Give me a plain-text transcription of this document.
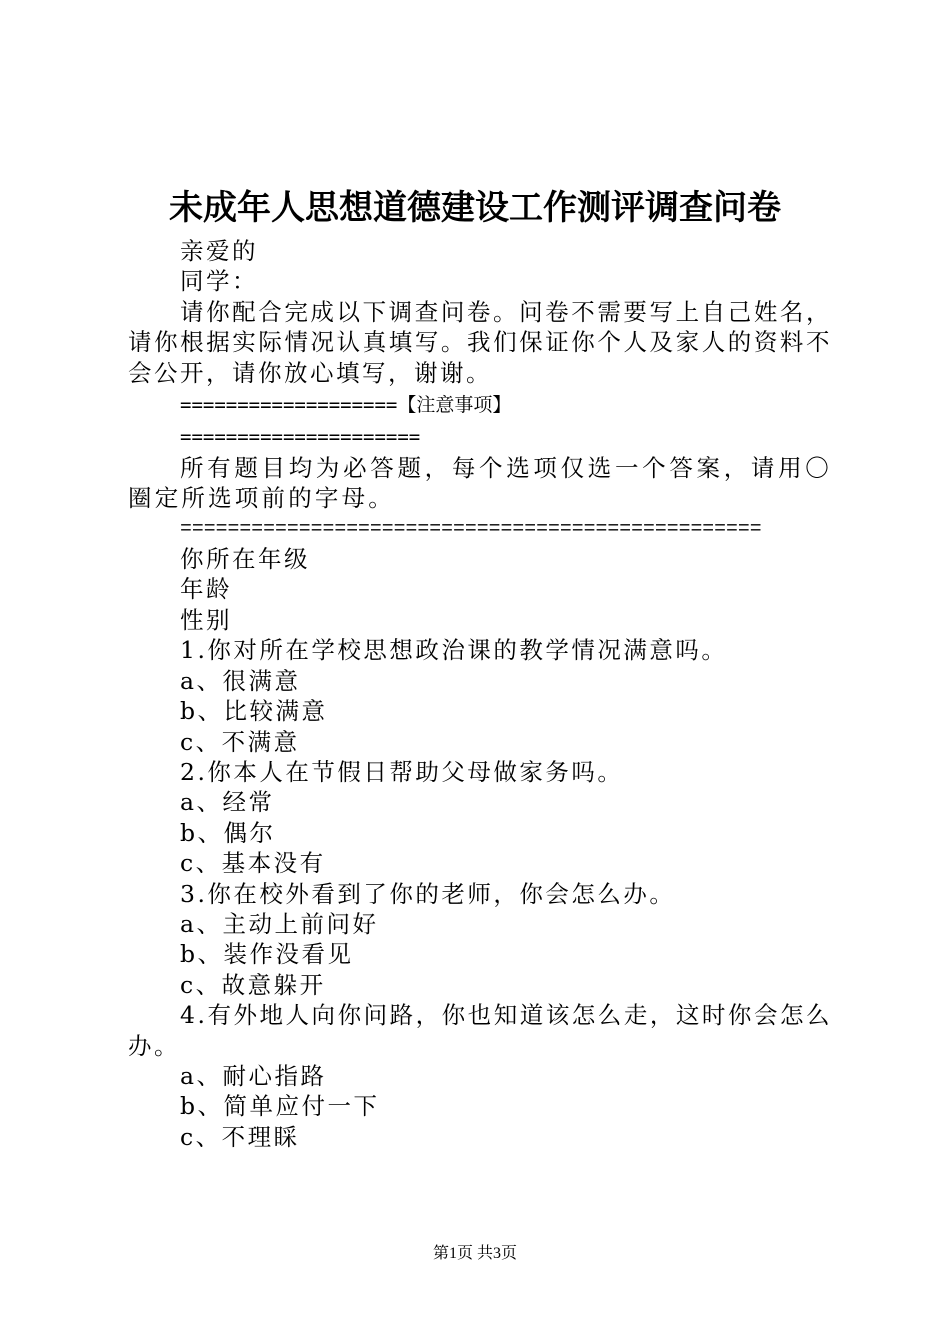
未成年人思想道德建设工作测评调查问卷

亲爱的

同学：

请你配合完成以下调查问卷。问卷不需要写上自己姓名，请你根据实际情况认真填写。我们保证你个人及家人的资料不会公开，请你放心填写，谢谢。

===================【注意事项】

=====================

所有题目均为必答题，每个选项仅选一个答案，请用〇圈定所选项前的字母。

=================================================

你所在年级

年龄

性别

1.你对所在学校思想政治课的教学情况满意吗。

a、很满意

b、比较满意

c、不满意

2.你本人在节假日帮助父母做家务吗。

a、经常

b、偶尔

c、基本没有

3.你在校外看到了你的老师，你会怎么办。

a、主动上前问好

b、装作没看见

c、故意躲开

4.有外地人向你问路，你也知道该怎么走，这时你会怎么办。

a、耐心指路

b、简单应付一下

c、不理睬

第1页 共3页
